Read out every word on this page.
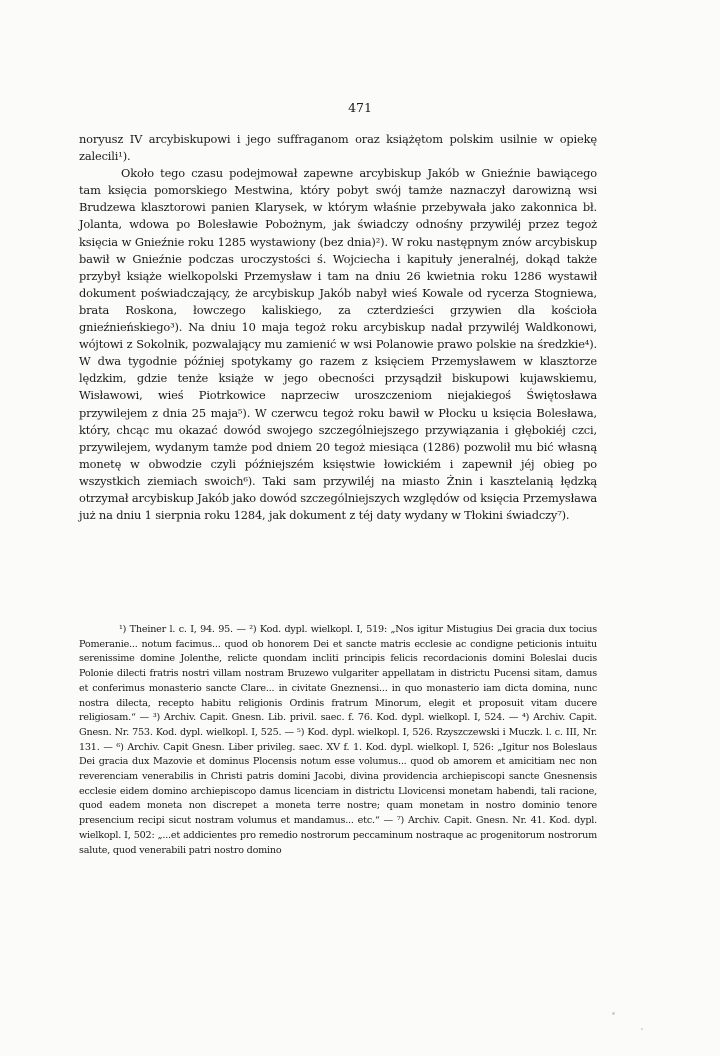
471

noryusz IV arcybiskupowi i jego suffraganom oraz książętom polskim usilnie w opiekę zalecili¹).

Około tego czasu podejmował zapewne arcybiskup Jakób w Gnieźnie bawiącego tam księcia pomorskiego Mestwina, który pobyt swój tamże naznaczył darowizną wsi Brudzewa klasztorowi panien Klarysek, w którym właśnie przebywała jako zakonnica bł. Jolanta, wdowa po Bolesławie Pobożnym, jak świadczy odnośny przywiléj przez tegoż księcia w Gnieźnie roku 1285 wystawiony (bez dnia)²). W roku następnym znów arcybiskup bawił w Gnieźnie podczas uroczystości ś. Wojciecha i kapituły jeneralnéj, dokąd także przybył książe wielkopolski Przemysław i tam na dniu 26 kwietnia roku 1286 wystawił dokument poświadczający, że arcybiskup Jakób nabył wieś Kowale od rycerza Stogniewa, brata Roskona, łowczego kaliskiego, za czterdzieści grzywien dla kościoła gnieźnieńskiego³). Na dniu 10 maja tegoż roku arcybiskup nadał przywiléj Waldkonowi, wójtowi z Sokolnik, pozwalający mu zamienić w wsi Polanowie prawo polskie na średzkie⁴). W dwa tygodnie później spotykamy go razem z księciem Przemysławem w klasztorze lędzkim, gdzie tenże książe w jego obecności przysądził biskupowi kujawskiemu, Wisławowi, wieś Piotrkowice naprzeciw uroszczeniom niejakiegoś Świętosława przywilejem z dnia 25 maja⁵). W czerwcu tegoż roku bawił w Płocku u księcia Bolesława, który, chcąc mu okazać dowód swojego szczególniejszego przywiązania i głębokiéj czci, przywilejem, wydanym tamże pod dniem 20 tegoż miesiąca (1286) pozwolił mu bić własną monetę w obwodzie czyli późniejszém księstwie łowickiém i zapewnił jéj obieg po wszystkich ziemiach swoich⁶). Taki sam przywiléj na miasto Żnin i kasztelanią łędzką otrzymał arcybiskup Jakób jako dowód szczególniejszych względów od księcia Przemysława już na dniu 1 sierpnia roku 1284, jak dokument z téj daty wydany w Tłokini świadczy⁷).

¹) Theiner l. c. I, 94. 95. — ²) Kod. dypl. wielkopl. I, 519: „Nos igitur Mistugius Dei gracia dux tocius Pomeranie... notum facimus... quod ob honorem Dei et sancte matris ecclesie ac condigne peticionis intuitu serenissime domine Jolenthe, relicte quondam incliti principis felicis recordacionis domini Boleslai ducis Polonie dilecti fratris nostri villam nostram Bruzewo vulgariter appellatam in districtu Pucensi sitam, damus et conferimus monasterio sancte Clare... in civitate Gneznensi... in quo monasterio iam dicta domina, nunc nostra dilecta, recepto habitu religionis Ordinis fratrum Minorum, elegit et proposuit vitam ducere religiosam.“ — ³) Archiv. Capit. Gnesn. Lib. privil. saec. f. 76. Kod. dypl. wielkopl. I, 524. — ⁴) Archiv. Capit. Gnesn. Nr. 753. Kod. dypl. wielkopl. I, 525. — ⁵) Kod. dypl. wielkopl. I, 526. Rzyszczewski i Muczk. l. c. III, Nr. 131. — ⁶) Archiv. Capit Gnesn. Liber privileg. saec. XV f. 1. Kod. dypl. wielkopl. I, 526: „Igitur nos Boleslaus Dei gracia dux Mazovie et dominus Plocensis notum esse volumus... quod ob amorem et amicitiam nec non reverenciam venerabilis in Christi patris domini Jacobi, divina providencia archiepiscopi sancte Gnesnensis ecclesie eidem domino archiepiscopo damus licenciam in districtu Llovicensi monetam habendi, tali racione, quod eadem moneta non discrepet a moneta terre nostre; quam monetam in nostro dominio tenore presencium recipi sicut nostram volumus et mandamus... etc.“ — ⁷) Archiv. Capit. Gnesn. Nr. 41. Kod. dypl. wielkopl. I, 502: „...et addicientes pro remedio nostrorum peccaminum nostraque ac progenitorum nostrorum salute, quod venerabili patri nostro domino
